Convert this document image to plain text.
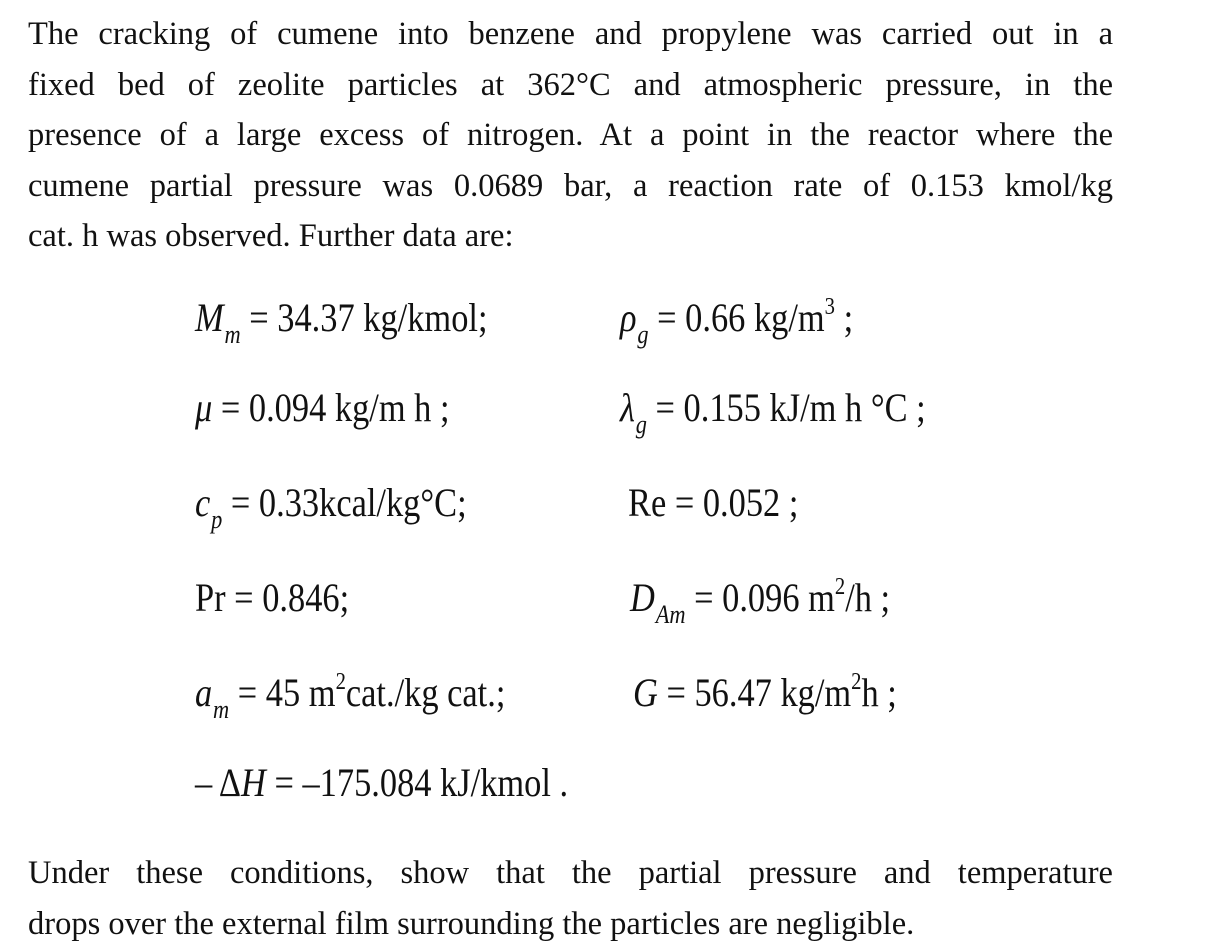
The cracking of cumene into benzene and propylene was carried out in a
fixed bed of zeolite particles at 362°C and atmospheric pressure, in the
presence of a large excess of nitrogen. At a point in the reactor where the
cumene partial pressure was 0.0689 bar, a reaction rate of 0.153 kmol/kg
cat. h was observed. Further data are:
$M_m = 34.37$ kg/kmol;	$\rho_g = 0.66$ $kg/m^3$ ;
μ = 0.094 kg/m h ;	$\lambda_g = 0.155$ kJ/m h °C ;
$c_p$ = 0.33kcal/kg°C;	Re = 0.052 ;
Pr = 0.846;	$D_{Am} = 0.096$ $m^2/h$ ;
$a_m = 45$ $m^2cat./kg$ cat.;	G = 56.47 $kg/m^2h$ ;
– ΔH = –175.084 kJ/kmol .
Under these conditions, show that the partial pressure and temperature
drops over the external film surrounding the particles are negligible.
